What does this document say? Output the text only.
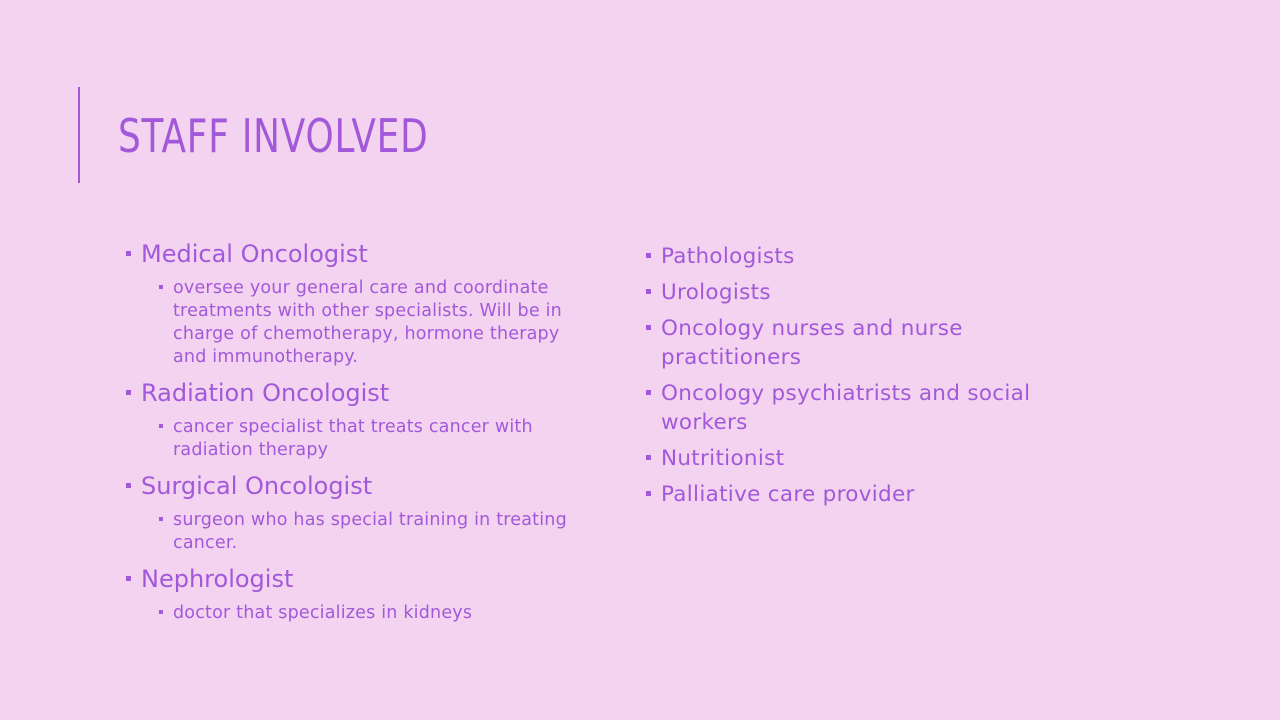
STAFF INVOLVED
Medical Oncologist
oversee your general care and coordinate treatments with other specialists. Will be in charge of chemotherapy, hormone therapy and immunotherapy.
Radiation Oncologist
cancer specialist that treats cancer with radiation therapy
Surgical Oncologist
surgeon who has special training in treating cancer.
Nephrologist
doctor that specializes in kidneys
Pathologists
Urologists
Oncology nurses and nurse practitioners
Oncology psychiatrists and social workers
Nutritionist
Palliative care provider
